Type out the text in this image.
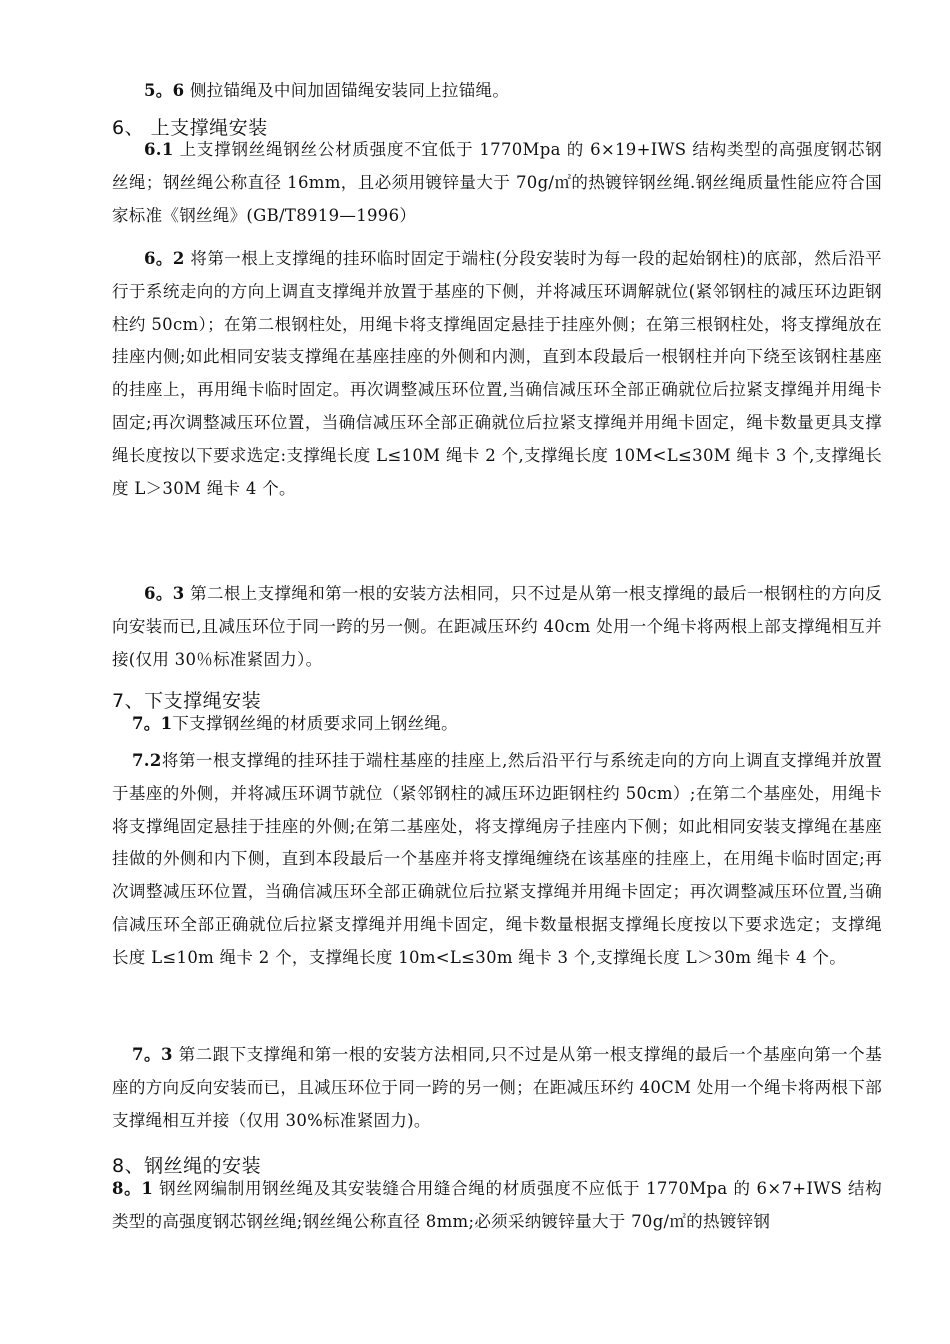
5。6 侧拉锚绳及中间加固锚绳安装同上拉锚绳。
6、 上支撑绳安装
6.1 上支撑钢丝绳钢丝公材质强度不宜低于 1770Mpa 的 6×19+IWS 结构类型的高强度钢芯钢丝绳；钢丝绳公称直径 16mm，且必须用镀锌量大于 70g/㎡的热镀锌钢丝绳.钢丝绳质量性能应符合国家标准《钢丝绳》(GB/T8919—1996）
6。2 将第一根上支撑绳的挂环临时固定于端柱(分段安装时为每一段的起始钢柱)的底部，然后沿平行于系统走向的方向上调直支撑绳并放置于基座的下侧，并将减压环调解就位(紧邻钢柱的减压环边距钢柱约 50cm）；在第二根钢柱处，用绳卡将支撑绳固定悬挂于挂座外侧；在第三根钢柱处，将支撑绳放在挂座内侧;如此相同安装支撑绳在基座挂座的外侧和内测，直到本段最后一根钢柱并向下绕至该钢柱基座的挂座上，再用绳卡临时固定。再次调整减压环位置,当确信减压环全部正确就位后拉紧支撑绳并用绳卡固定;再次调整减压环位置，当确信减压环全部正确就位后拉紧支撑绳并用绳卡固定，绳卡数量更具支撑绳长度按以下要求选定:支撑绳长度 L≤10M 绳卡 2 个,支撑绳长度 10M<L≤30M 绳卡 3 个,支撑绳长度 L＞30M 绳卡 4 个。
6。3 第二根上支撑绳和第一根的安装方法相同，只不过是从第一根支撑绳的最后一根钢柱的方向反向安装而已,且减压环位于同一跨的另一侧。在距减压环约 40cm 处用一个绳卡将两根上部支撑绳相互并接(仅用 30％标准紧固力）。
7、下支撑绳安装
7。1下支撑钢丝绳的材质要求同上钢丝绳。
7.2将第一根支撑绳的挂环挂于端柱基座的挂座上,然后沿平行与系统走向的方向上调直支撑绳并放置于基座的外侧，并将减压环调节就位（紧邻钢柱的减压环边距钢柱约 50cm）;在第二个基座处，用绳卡将支撑绳固定悬挂于挂座的外侧;在第二基座处，将支撑绳房子挂座内下侧；如此相同安装支撑绳在基座挂做的外侧和内下侧，直到本段最后一个基座并将支撑绳缠绕在该基座的挂座上，在用绳卡临时固定;再次调整减压环位置，当确信减压环全部正确就位后拉紧支撑绳并用绳卡固定；再次调整减压环位置,当确信减压环全部正确就位后拉紧支撑绳并用绳卡固定，绳卡数量根据支撑绳长度按以下要求选定；支撑绳长度 L≤10m 绳卡 2 个，支撑绳长度 10m<L≤30m 绳卡 3 个,支撑绳长度 L＞30m 绳卡 4 个。
7。3 第二跟下支撑绳和第一根的安装方法相同,只不过是从第一根支撑绳的最后一个基座向第一个基座的方向反向安装而已，且减压环位于同一跨的另一侧；在距减压环约 40CM 处用一个绳卡将两根下部支撑绳相互并接（仅用 30%标准紧固力)。
8、钢丝绳的安装
8。1 钢丝网编制用钢丝绳及其安装缝合用缝合绳的材质强度不应低于 1770Mpa 的 6×7+IWS 结构类型的高强度钢芯钢丝绳;钢丝绳公称直径 8mm;必须采纳镀锌量大于 70g/㎡的热镀锌钢
